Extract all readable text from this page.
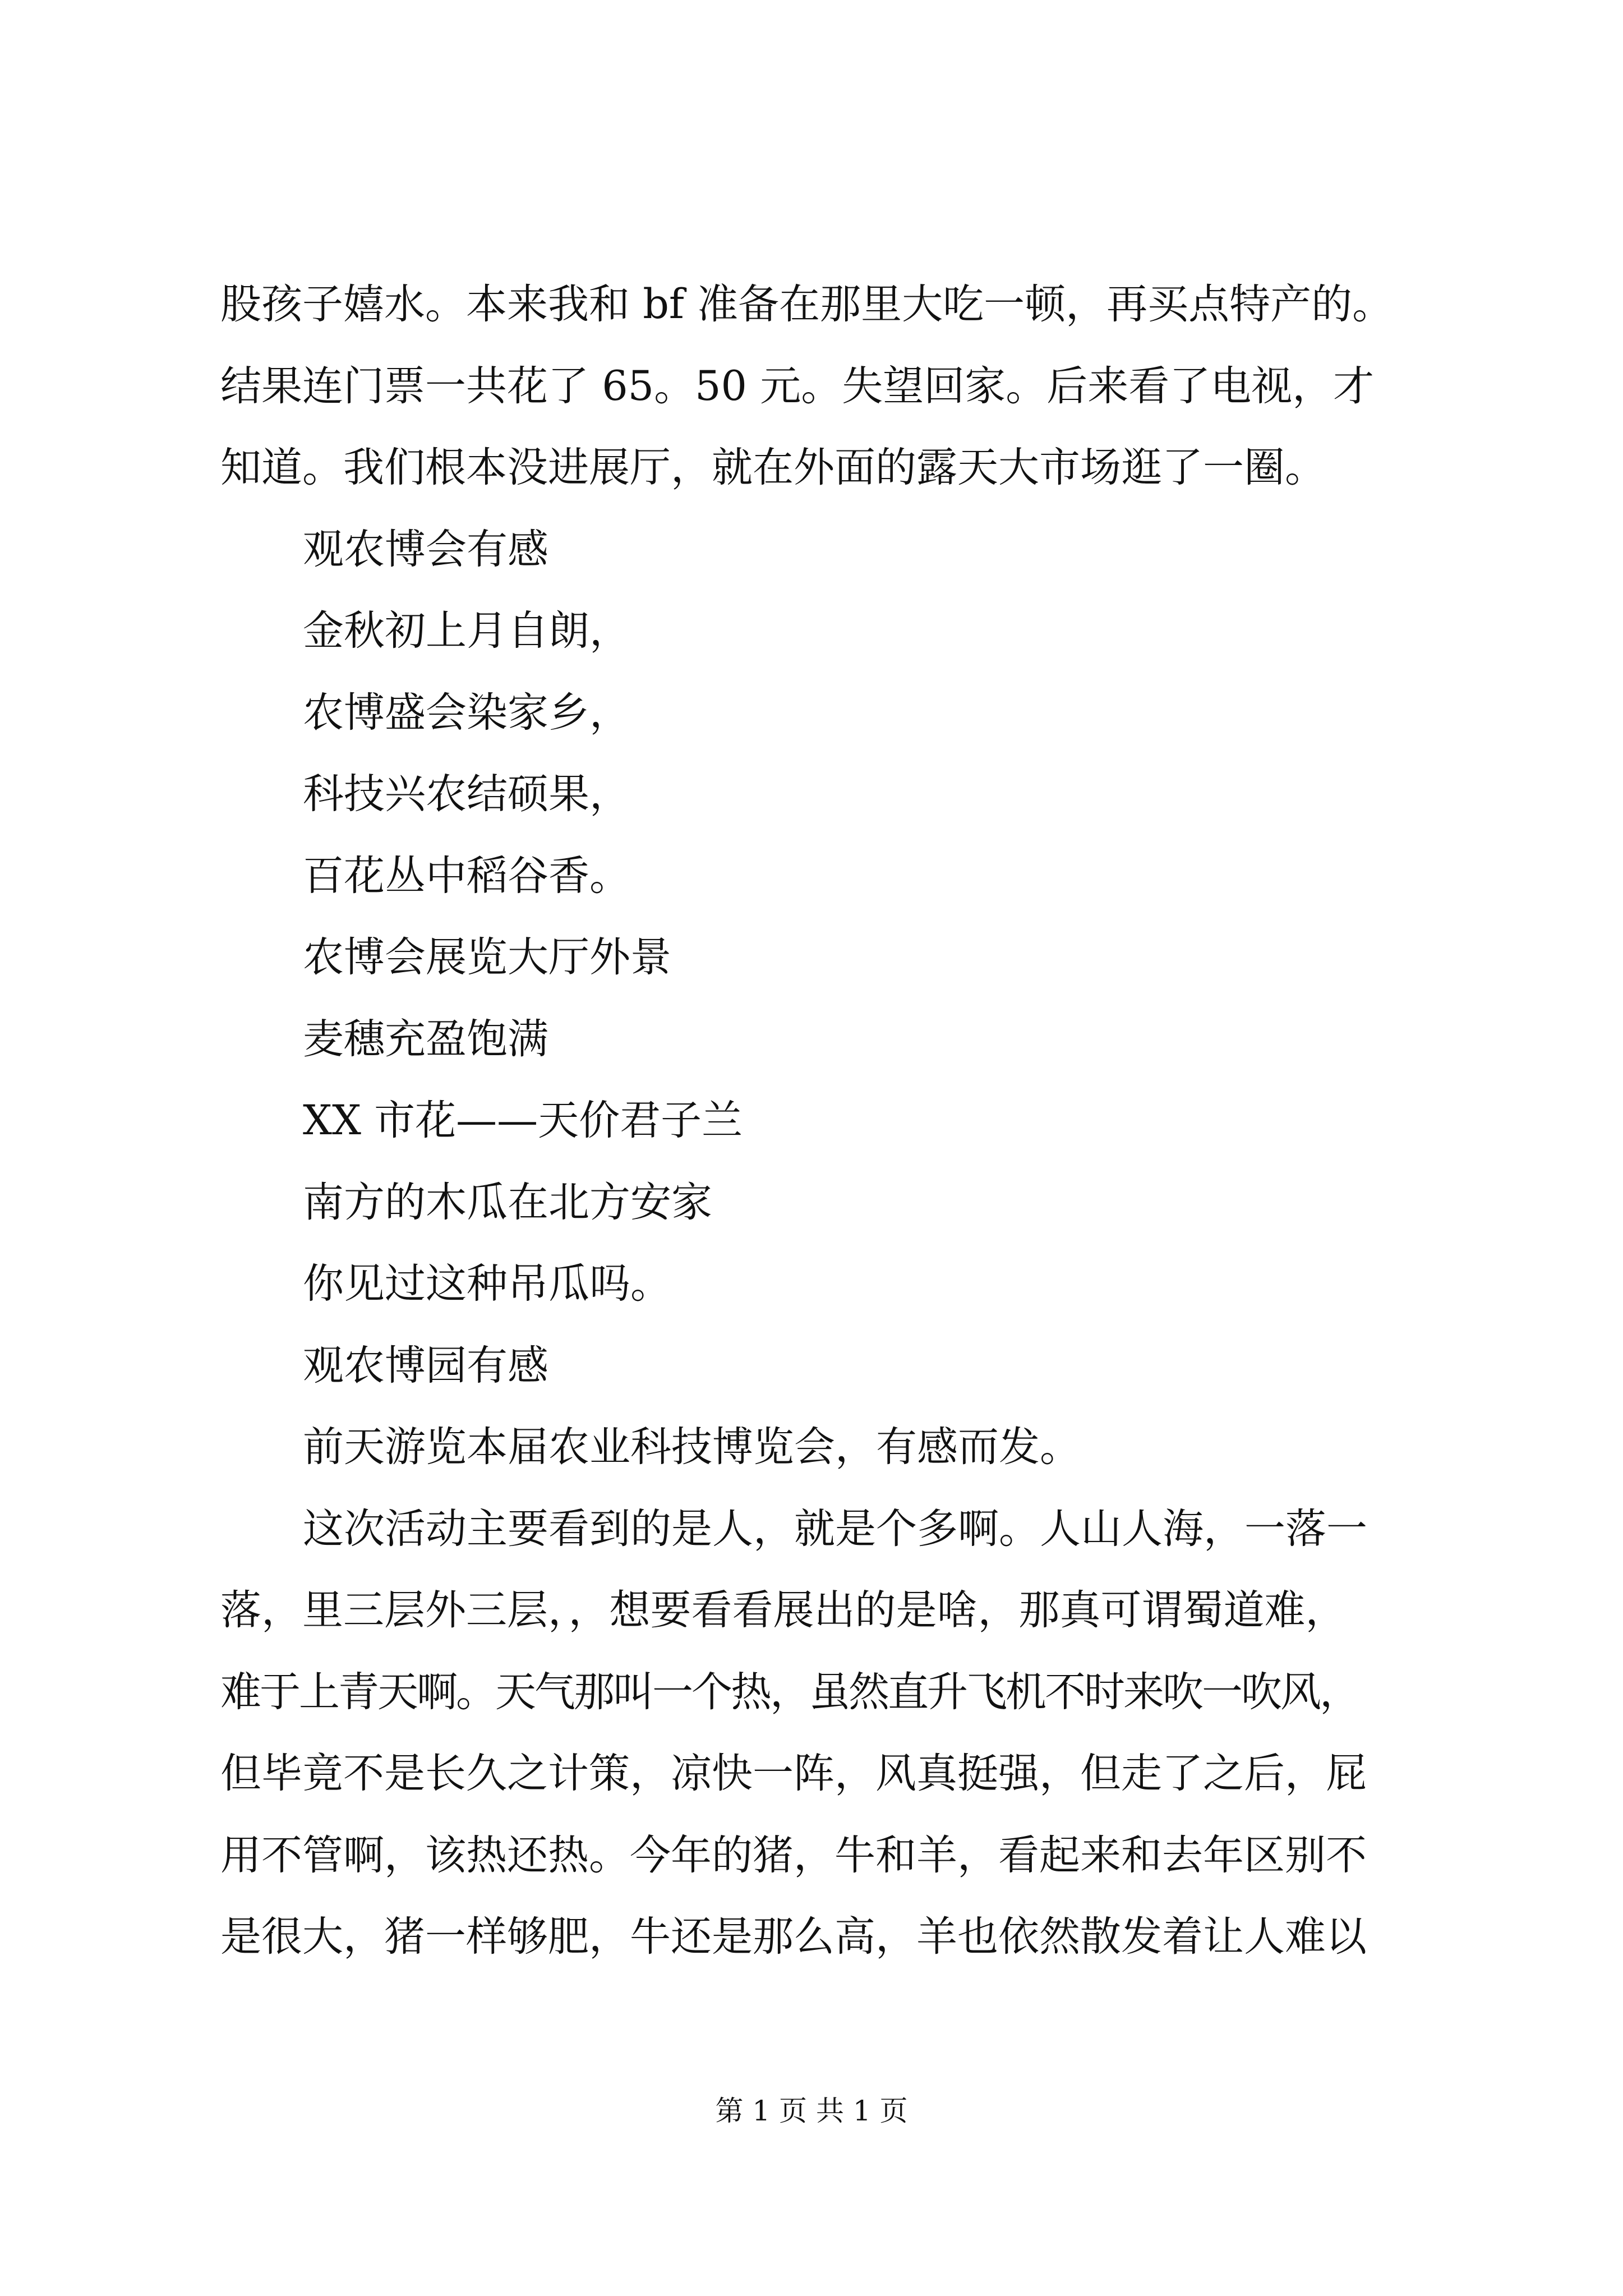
股孩子嬉水。本来我和 bf 准备在那里大吃一顿，再买点特产的。
结果连门票一共花了 65。50 元。失望回家。后来看了电视，才
知道。我们根本没进展厅，就在外面的露天大市场逛了一圈。
观农博会有感
金秋初上月自朗，
农博盛会染家乡，
科技兴农结硕果，
百花丛中稻谷香。
农博会展览大厅外景
麦穗充盈饱满
XX 市花——天价君子兰
南方的木瓜在北方安家
你见过这种吊瓜吗。
观农博园有感
前天游览本届农业科技博览会，有感而发。
这次活动主要看到的是人，就是个多啊。人山人海，一落一
落，里三层外三层，，想要看看展出的是啥，那真可谓蜀道难，
难于上青天啊。天气那叫一个热，虽然直升飞机不时来吹一吹风，
但毕竟不是长久之计策，凉快一阵，风真挺强，但走了之后，屁
用不管啊，该热还热。今年的猪，牛和羊，看起来和去年区别不
是很大，猪一样够肥，牛还是那么高，羊也依然散发着让人难以
第 1 页 共 1 页
